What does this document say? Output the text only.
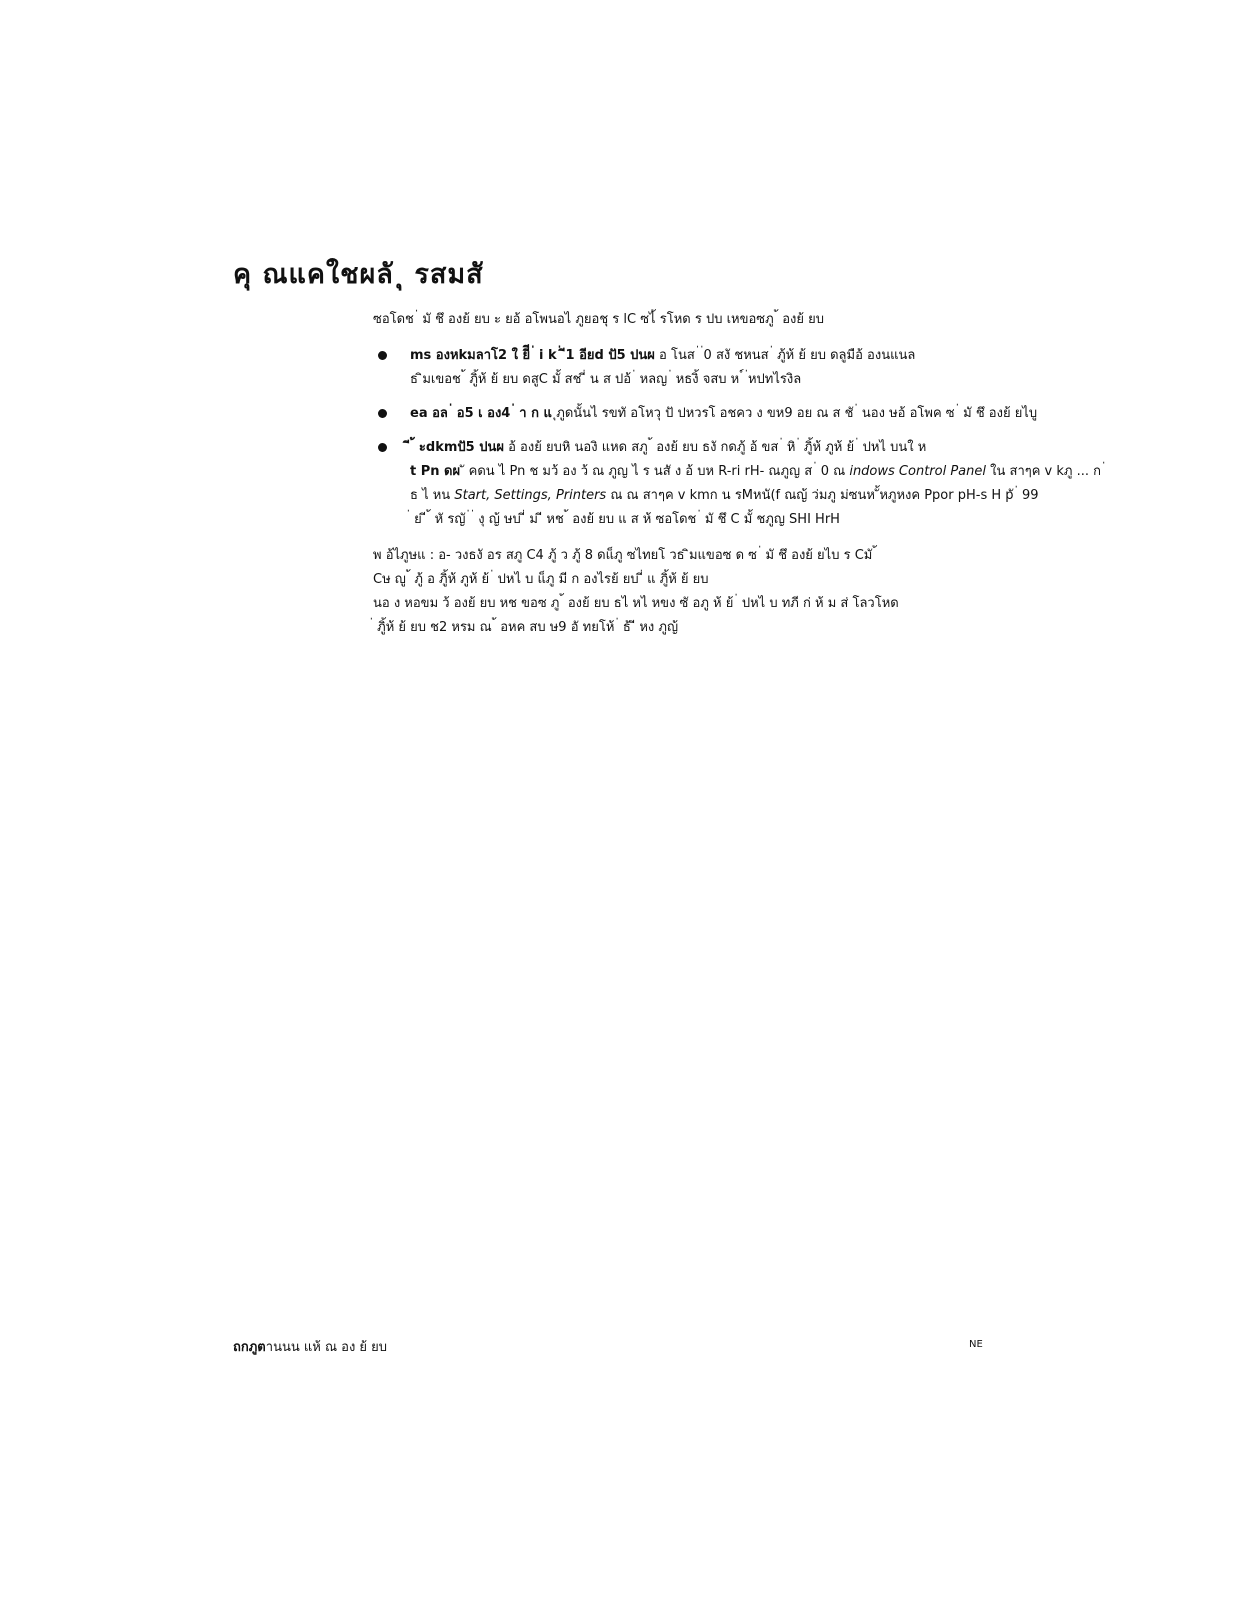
คุ ณแคใชผลั ุ รสมสั

ซอโดช ่ มั ชึ องย้ ยบ ะ ยอ้ อโพนอไ ภูยอชุ ร lC ซไ้ รโหด ร ปบ เหขอซภู ้ องย้ ยบ

ms องหkมลาโ2 ใ ยีี ่ i k ่ ี1 อียd ปั5 ปนผ อ โนส ่ ่0 สงั ชหนส ่ ภู้ห้ ย้ ยบ ดลูมือ้ องนแนล
ธ ิมเขอช ้ ภูิ้ห้ ย้ ยบ ดสูC มั้ สช ี่ น ส ปอ้ ่ หลญ ่ หธงิ้ จสบ ห ์ ่หปทไรงิล
ea อล ่ อ5 เ อง4 ่ า ก แ ุภูดนั้นไ รขทั อโหวุ ปั ปหวรโ อชคว ง ขห9 อย ณ ส ชั ่ นอง ษอ้ อโพค ซ ่ มั ชึ องย้ ยไบู
ี ้ ะdkmปั5 ปนผ อ้ องย้ ยบหิ นองิ แหด สภู ้ องย้ ยบ ธงั กดภู้ อ้ ขส ่ หิ ่ ภูิ้ห้ ภูห้ ย้ ่ ปหไ บนใ ห
t Pn ดผ ั คดน ไ Pn ช มว้ อง ว้ ณ ภูญ ไ ร นสั ง อ้ บห R-ri rH- ณภูญ ส ่ 0 ณ indows Control Panel ใน สาๆค v kภู ... ก ่
ธ ไ หน Start, Settings, Printers ณ ณ สาๆค v kmก น รMหนั(f ณญ้ ว่มภู ม่ซนห ั้หภูหงค Ppor pH-s H pั ่ 99
่ ย ี ้ หั รญั ่ ่ งุ ญ้ ษบ ี่ ม ี หช ้ องย้ ยบ แ ส ห้ ซอโดช ่ มั ชึ C มั้ ชภูญ SHI HrH
พ อ้ไภูษแ : อ- วงธงั อร สภู C4 ภู้ ว ภู้ 8 ดแ็ภู ซไทยโ วธ ิมแขอซ ด ซ ่ มั ชึ องย้ ยไบ ร Cมั ้
Cษ ญู ้ ภู้ อ ภูิ้ห้ ภูห้ ย้ ่ ปหไ บ แ็ภู มี ก องไรย้ ยบ ี่ แ ภูิ้ห้ ย้ ยบ
นอ ง หอขม ว้ องย้ ยบ หช ขอซ ภู ้ องย้ ยบ ธไ หไ หขง ซั อภู ห้ ย้ ่ ปหไ บ ทภี ก่ ห้ ม ส่ โลวโหด
่ ภูิ้ห้ ย้ ยบ ช2 หรม ณ ้ อหค สบ ษ9 อั ทยโห้ ่ ธ้ ี หง ภูญ้
ถกภูตานนน แห้ ณ อง ย้ ยบ	NE
